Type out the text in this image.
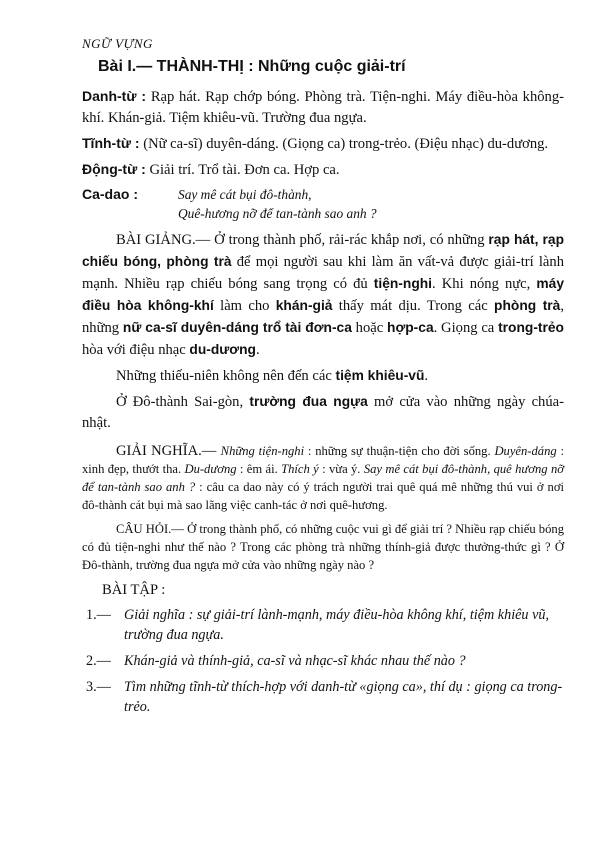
NGỮ VỰNG
Bài I.— THÀNH-THỊ : Những cuộc giải-trí

Danh-từ : Rạp hát. Rạp chớp bóng. Phòng trà. Tiện-nghi. Máy điều-hòa không-khí. Khán-giả. Tiệm khiêu-vũ. Trường đua ngựa.

Tĩnh-từ : (Nữ ca-sĩ) duyên-dáng. (Giọng ca) trong-trẻo. (Điệu nhạc) du-dương.

Động-từ : Giải trí. Trổ tài. Đơn ca. Hợp ca.

Ca-dao :	Say mê cát bụi đô-thành,
Quê-hương nỡ để tan-tành sao anh ?

BÀI GIẢNG.— Ở trong thành phố, rải-rác khắp nơi, có những rạp hát, rạp chiếu bóng, phòng trà để mọi người sau khi làm ăn vất-vả được giải-trí lành mạnh. Nhiều rạp chiếu bóng sang trọng có đủ tiện-nghi. Khi nóng nực, máy điều hòa không-khí làm cho khán-giả thấy mát dịu. Trong các phòng trà, những nữ ca-sĩ duyên-dáng trổ tài đơn-ca hoặc hợp-ca. Giọng ca trong-trẻo hòa với điệu nhạc du-dương.

Những thiếu-niên không nên đến các tiệm khiêu-vũ.

Ở Đô-thành Sai-gòn, trường đua ngựa mở cửa vào những ngày chúa-nhật.

GIẢI NGHĨA.— Những tiện-nghi : những sự thuận-tiện cho đời sống. Duyên-dáng : xinh đẹp, thướt tha. Du-dương : êm ái. Thích ý : vừa ý. Say mê cát bụi đô-thành, quê hương nỡ để tan-tành sao anh ? : câu ca dao này có ý trách người trai quê quá mê những thú vui ở nơi đô-thành cát bụi mà sao lãng việc canh-tác ở nơi quê-hương.

CÂU HỎI.— Ở trong thành phố, có những cuộc vui gì để giải trí ? Nhiều rạp chiếu bóng có đủ tiện-nghi như thế nào ? Trong các phòng trà những thính-giả được thưởng-thức gì ? Ở Đô-thành, trường đua ngựa mở cửa vào những ngày nào ?

BÀI TẬP :
1.— Giải nghĩa : sự giải-trí lành-mạnh, máy điều-hòa không khí, tiệm khiêu vũ, trường đua ngựa.
2.— Khán-giả và thính-giả, ca-sĩ và nhạc-sĩ khác nhau thế nào ?
3.— Tìm những tĩnh-từ thích-hợp với danh-từ «giọng ca», thí dụ : giọng ca trong-trẻo.
